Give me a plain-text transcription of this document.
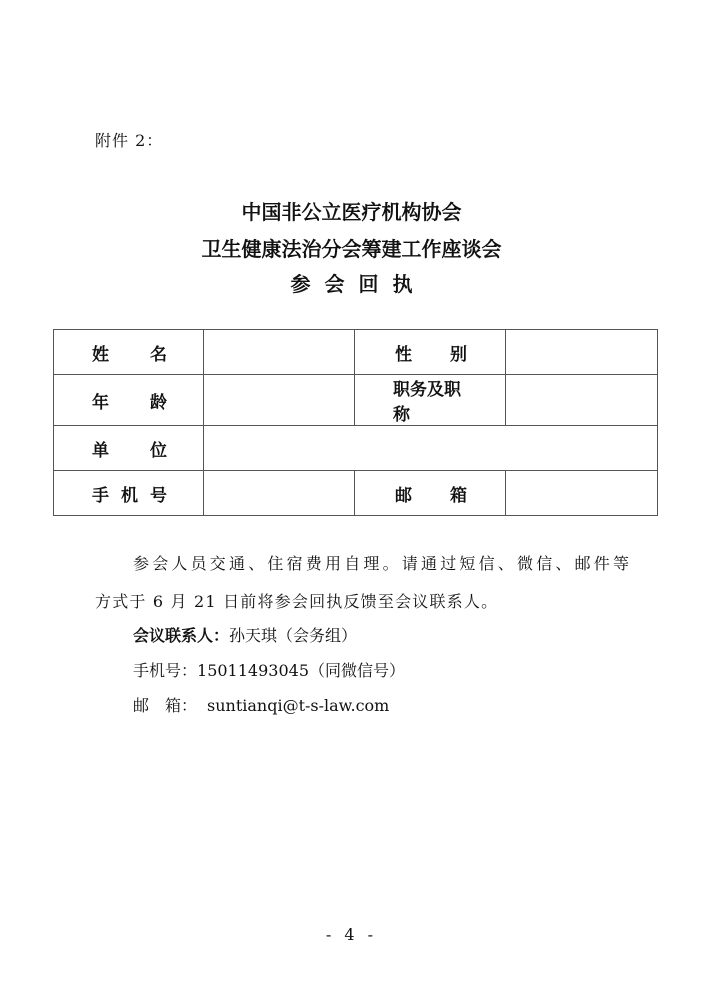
附件 2：
中国非公立医疗机构协会
卫生健康法治分会筹建工作座谈会
参会回执
姓 名		性 别	

年 龄		职务及职称	

单 位			

手 机 号		邮 箱	

参会人员交通、住宿费用自理。请通过短信、微信、邮件等
方式于 6 月 21 日前将参会回执反馈至会议联系人。
会议联系人：孙天琪（会务组）
手机号：15011493045（同微信号）
邮　箱： suntianqi@t-s-law.com
- 4 -
